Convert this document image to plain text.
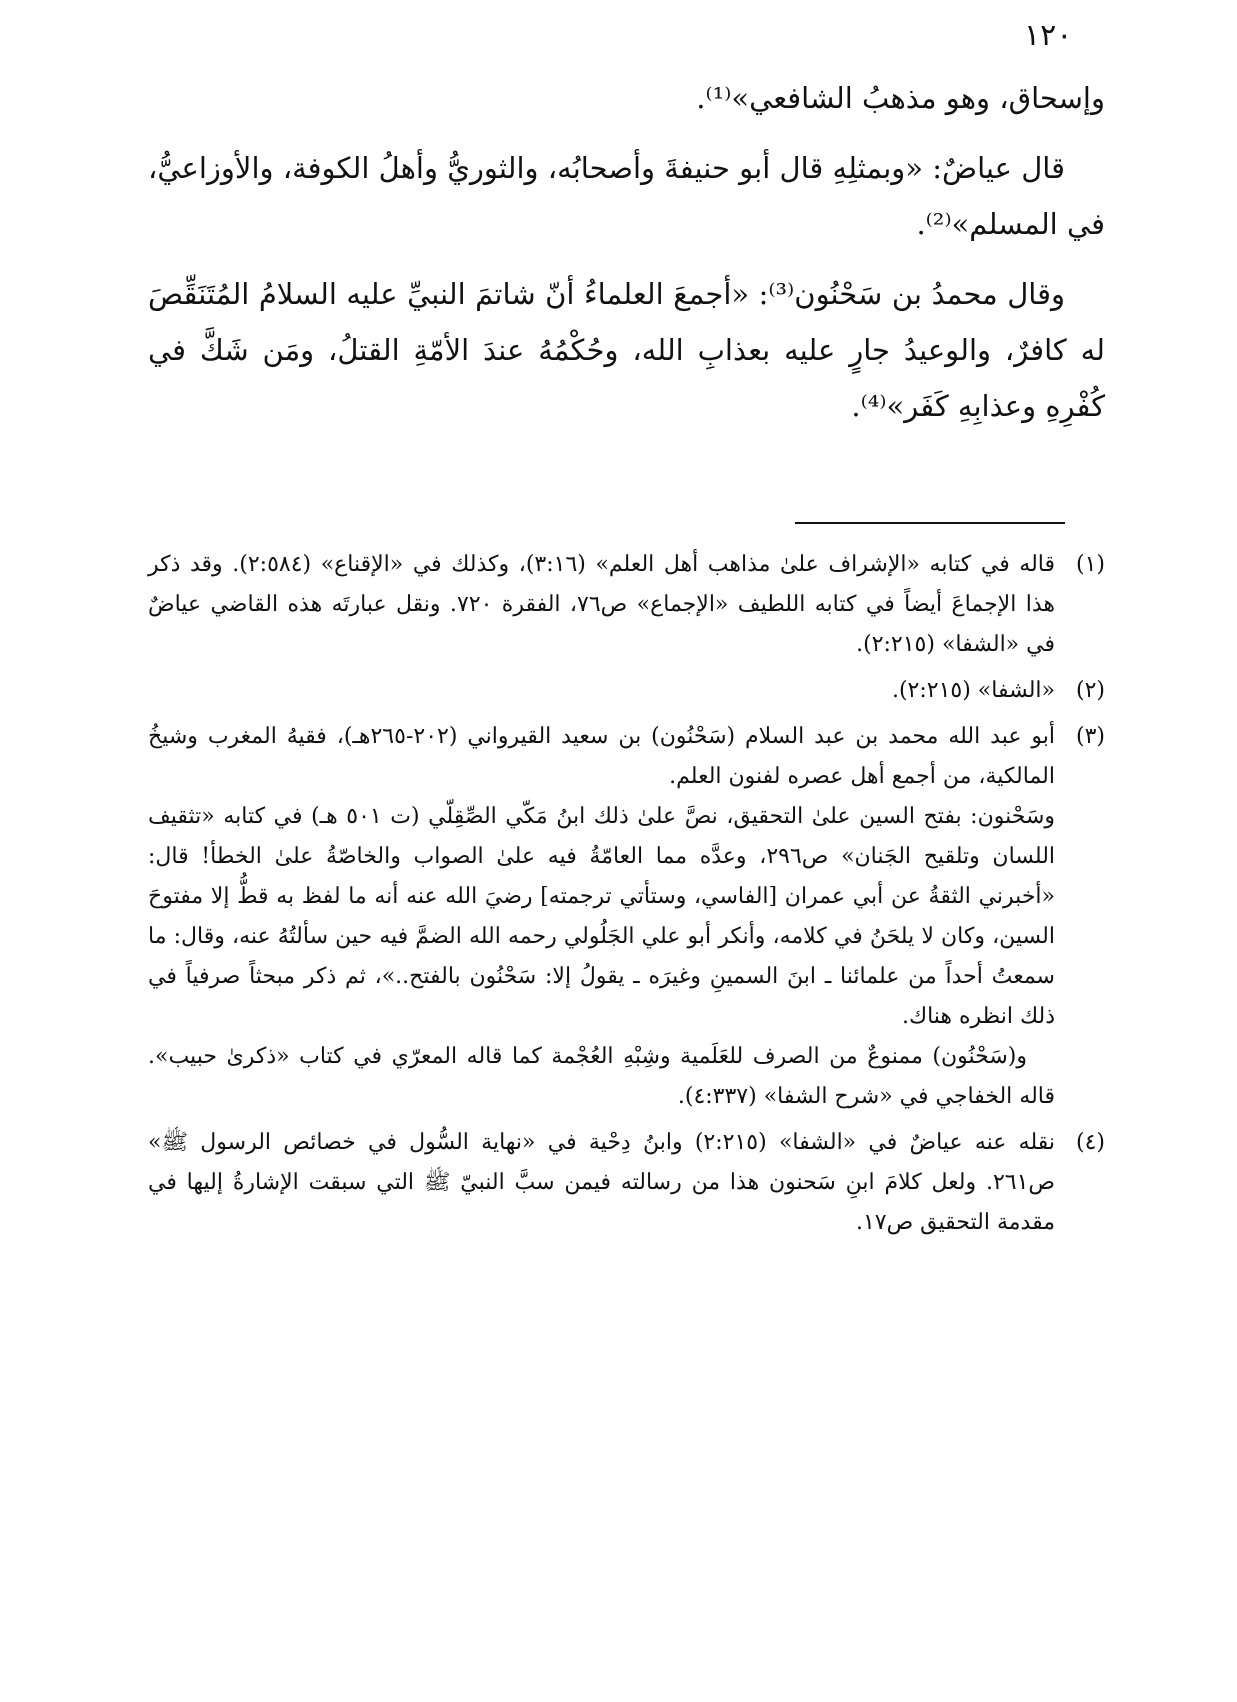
١٢٠

وإسحاق، وهو مذهبُ الشافعي»⁽¹⁾.

قال عياضٌ: «وبمثلِهِ قال أبو حنيفةَ وأصحابُه، والثوريُّ وأهلُ الكوفة، والأوزاعيُّ، في المسلم»⁽²⁾.

وقال محمدُ بن سَحْنُون⁽³⁾: «أجمعَ العلماءُ أنّ شاتمَ النبيِّ عليه السلامُ المُتَنَقِّصَ له كافرٌ، والوعيدُ جارٍ عليه بعذابِ الله، وحُكْمُهُ عندَ الأمّةِ القتلُ، ومَن شَكَّ في كُفْرِهِ وعذابِهِ كَفَر»⁽⁴⁾.

(١)

قاله في كتابه «الإشراف علىٰ مذاهب أهل العلم» (٣:١٦)، وكذلك في «الإقناع» (٢:٥٨٤). وقد ذكر هذا الإجماعَ أيضاً في كتابه اللطيف «الإجماع» ص٧٦، الفقرة ٧٢٠. ونقل عبارتَه هذه القاضي عياضٌ في «الشفا» (٢:٢١٥).

(٢)

«الشفا» (٢:٢١٥).

(٣)

أبو عبد الله محمد بن عبد السلام (سَحْنُون) بن سعيد القيرواني (٢٠٢-٢٦٥هـ)، فقيهُ المغرب وشيخُ المالكية، من أجمع أهل عصره لفنون العلم.

وسَحْنون: بفتح السين علىٰ التحقيق، نصَّ علىٰ ذلك ابنُ مَكّي الصِّقِلّي (ت ٥٠١ هـ) في كتابه «تثقيف اللسان وتلقيح الجَنان» ص٢٩٦، وعدَّه مما العامّةُ فيه علىٰ الصواب والخاصّةُ علىٰ الخطأ! قال: «أخبرني الثقةُ عن أبي عمران [الفاسي، وستأتي ترجمته] رضيَ الله عنه أنه ما لفظ به قطُّ إلا مفتوحَ السين، وكان لا يلحَنُ في كلامه، وأنكر أبو علي الجَلُولي رحمه الله الضمَّ فيه حين سألتُهُ عنه، وقال: ما سمعتُ أحداً من علمائنا ـ ابنَ السمينِ وغيرَه ـ يقولُ إلا: سَحْنُون بالفتح..»، ثم ذكر مبحثاً صرفياً في ذلك انظره هناك.

و(سَحْنُون) ممنوعٌ من الصرف للعَلَمية وشِبْهِ العُجْمة كما قاله المعرّي في كتاب «ذكرىٰ حبيب». قاله الخفاجي في «شرح الشفا» (٤:٣٣٧).

(٤)

نقله عنه عياضٌ في «الشفا» (٢:٢١٥) وابنُ دِحْية في «نهاية السُّول في خصائص الرسول ﷺ» ص٢٦١. ولعل كلامَ ابنِ سَحنون هذا من رسالته فيمن سبَّ النبيّ ﷺ التي سبقت الإشارةُ إليها في مقدمة التحقيق ص١٧.
